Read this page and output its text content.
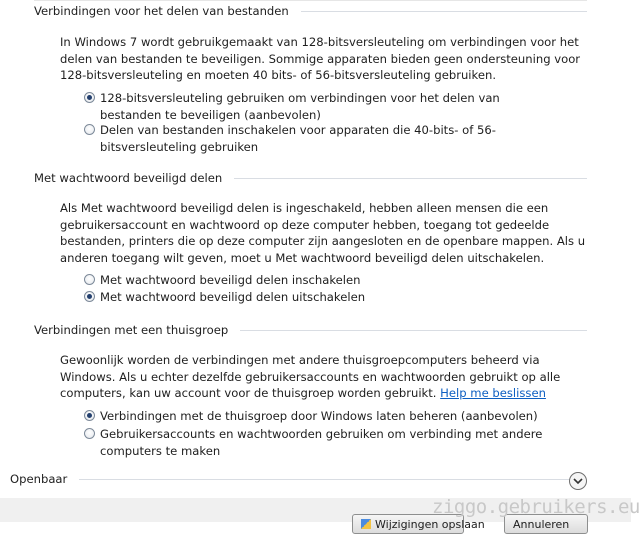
Verbindingen voor het delen van bestanden
In Windows 7 wordt gebruikgemaakt van 128-bitsversleuteling om verbindingen voor het delen van bestanden te beveiligen. Sommige apparaten bieden geen ondersteuning voor 128-bitsversleuteling en moeten 40 bits- of 56-bitsversleuteling gebruiken.
128-bitsversleuteling gebruiken om verbindingen voor het delen van bestanden te beveiligen (aanbevolen)
Delen van bestanden inschakelen voor apparaten die 40-bits- of 56-bitsversleuteling gebruiken
Met wachtwoord beveiligd delen
Als Met wachtwoord beveiligd delen is ingeschakeld, hebben alleen mensen die een gebruikersaccount en wachtwoord op deze computer hebben, toegang tot gedeelde bestanden, printers die op deze computer zijn aangesloten en de openbare mappen. Als u anderen toegang wilt geven, moet u Met wachtwoord beveiligd delen uitschakelen.
Met wachtwoord beveiligd delen inschakelen
Met wachtwoord beveiligd delen uitschakelen
Verbindingen met een thuisgroep
Gewoonlijk worden de verbindingen met andere thuisgroepcomputers beheerd via Windows. Als u echter dezelfde gebruikersaccounts en wachtwoorden gebruikt op alle computers, kan uw account voor de thuisgroep worden gebruikt. Help me beslissen
Verbindingen met de thuisgroep door Windows laten beheren (aanbevolen)
Gebruikersaccounts en wachtwoorden gebruiken om verbinding met andere computers te maken
Openbaar
Wijzigingen opslaan	Annuleren
ziggo.gebruikers.eu
